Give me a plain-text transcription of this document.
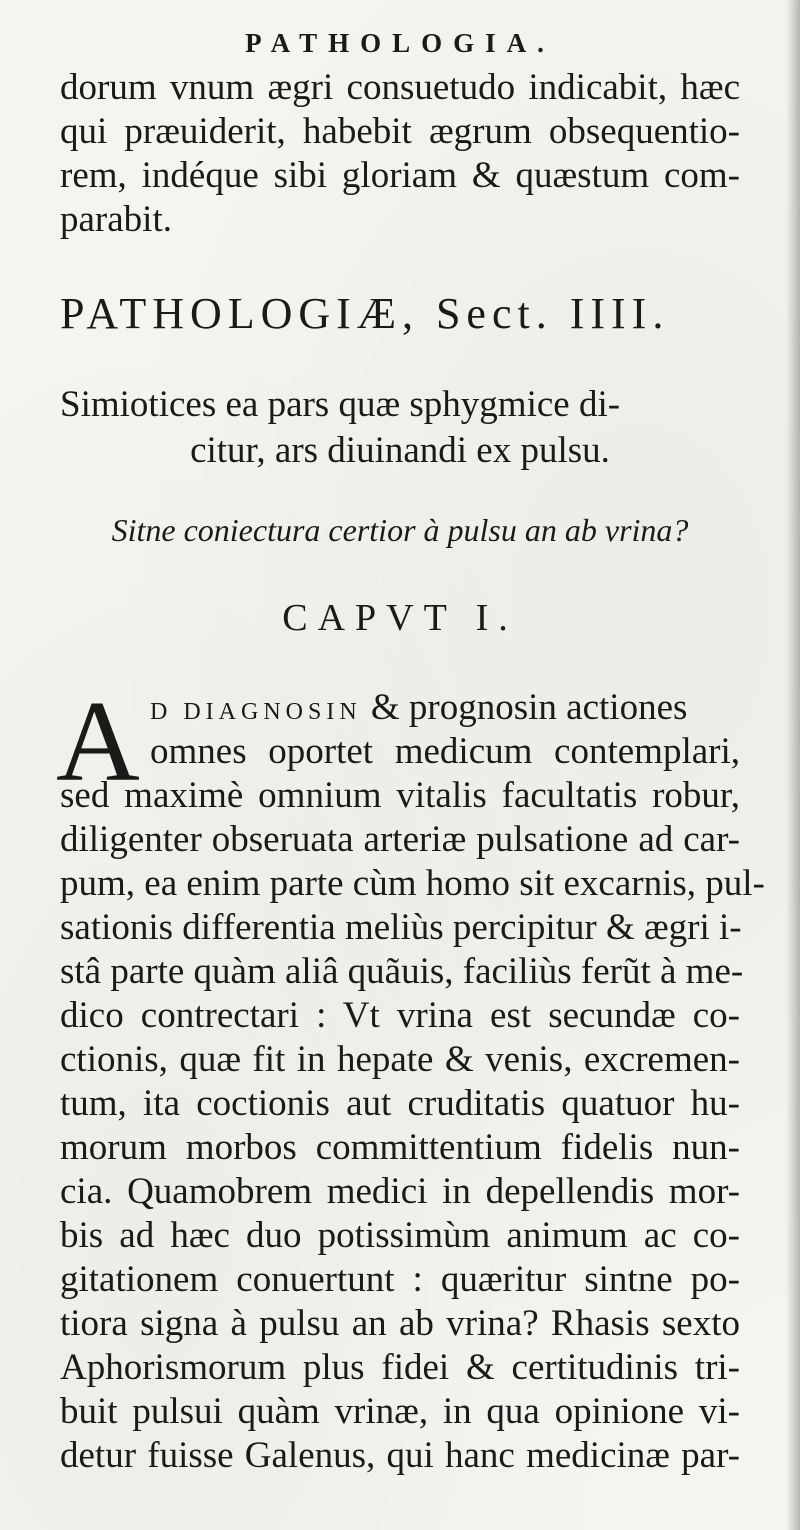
PATHOLOGIA.
dorum vnum ægri consuetudo indicabit, hæc
qui præuiderit, habebit ægrum obsequentio-
rem, indéque sibi gloriam & quæstum com-
parabit.
PATHOLOGIÆ, Sect. IIII.
Simiotices ea pars quæ sphygmice di-
citur, ars diuinandi ex pulsu.
Sitne coniectura certior à pulsu an ab vrina?
CAPVT I.
A D DIAGNOSIN & prognosin actiones
omnes oportet medicum contemplari,
sed maximè omnium vitalis facultatis robur,
diligenter obseruata arteriæ pulsatione ad car-
pum, ea enim parte cùm homo sit excarnis, pul-
sationis differentia meliùs percipitur & ægri i-
stâ parte quàm aliâ quãuis, faciliùs ferũt à me-
dico contrectari : Vt vrina est secundæ co-
ctionis, quæ fit in hepate & venis, excremen-
tum, ita coctionis aut cruditatis quatuor hu-
morum morbos committentium fidelis nun-
cia. Quamobrem medici in depellendis mor-
bis ad hæc duo potissimùm animum ac co-
gitationem conuertunt : quæritur sintne po-
tiora signa à pulsu an ab vrina? Rhasis sexto
Aphorismorum plus fidei & certitudinis tri-
buit pulsui quàm vrinæ, in qua opinione vi-
detur fuisse Galenus, qui hanc medicinæ par-
